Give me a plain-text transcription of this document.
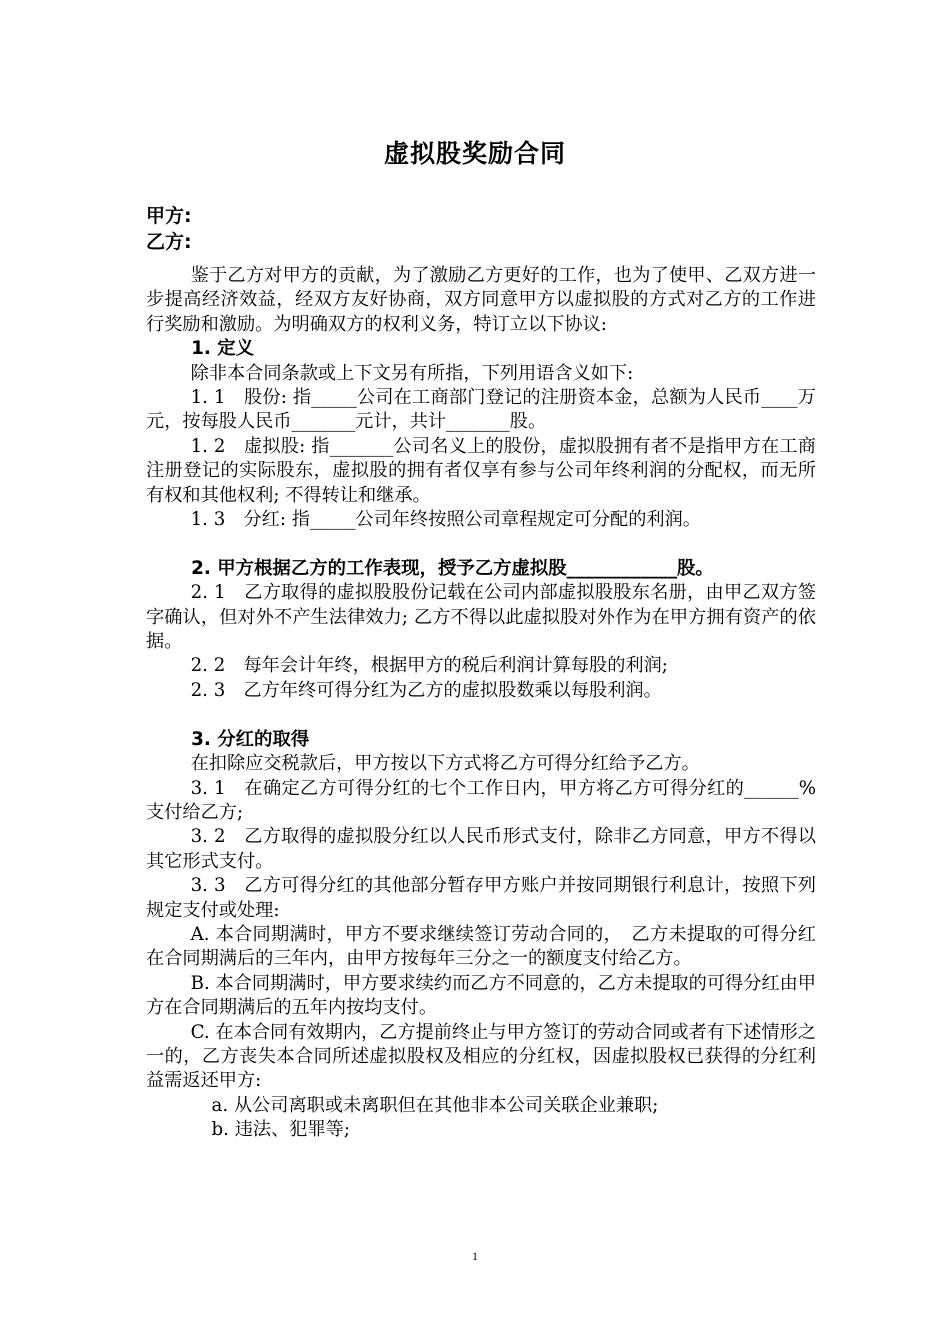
虚拟股奖励合同
甲方:
乙方:

鉴于乙方对甲方的贡献，为了激励乙方更好的工作，也为了使甲、乙双方进一步提高经济效益，经双方友好协商，双方同意甲方以虚拟股的方式对乙方的工作进行奖励和激励。为明确双方的权利义务，特订立以下协议:

1. 定义

除非本合同条款或上下文另有所指，下列用语含义如下:

1. 1　股份: 指_____公司在工商部门登记的注册资本金，总额为人民币____万元，按每股人民币_______元计，共计_______股。

1. 2　虚拟股: 指_______公司名义上的股份，虚拟股拥有者不是指甲方在工商注册登记的实际股东，虚拟股的拥有者仅享有参与公司年终利润的分配权，而无所有权和其他权利; 不得转让和继承。

1. 3　分红: 指_____公司年终按照公司章程规定可分配的利润。

2. 甲方根据乙方的工作表现，授予乙方虚拟股____________股。

2. 1　乙方取得的虚拟股股份记载在公司内部虚拟股股东名册，由甲乙双方签字确认，但对外不产生法律效力; 乙方不得以此虚拟股对外作为在甲方拥有资产的依据。

2. 2　每年会计年终，根据甲方的税后利润计算每股的利润;

2. 3　乙方年终可得分红为乙方的虚拟股数乘以每股利润。

3. 分红的取得

在扣除应交税款后，甲方按以下方式将乙方可得分红给予乙方。

3. 1　在确定乙方可得分红的七个工作日内，甲方将乙方可得分红的______%支付给乙方;

3. 2　乙方取得的虚拟股分红以人民币形式支付，除非乙方同意，甲方不得以其它形式支付。

3. 3　乙方可得分红的其他部分暂存甲方账户并按同期银行利息计，按照下列规定支付或处理:

A. 本合同期满时，甲方不要求继续签订劳动合同的，　乙方未提取的可得分红在合同期满后的三年内，由甲方按每年三分之一的额度支付给乙方。

B. 本合同期满时，甲方要求续约而乙方不同意的，乙方未提取的可得分红由甲方在合同期满后的五年内按均支付。

C. 在本合同有效期内，乙方提前终止与甲方签订的劳动合同或者有下述情形之一的，乙方丧失本合同所述虚拟股权及相应的分红权，因虚拟股权已获得的分红利益需返还甲方:

a. 从公司离职或未离职但在其他非本公司关联企业兼职;

b. 违法、犯罪等;

1
